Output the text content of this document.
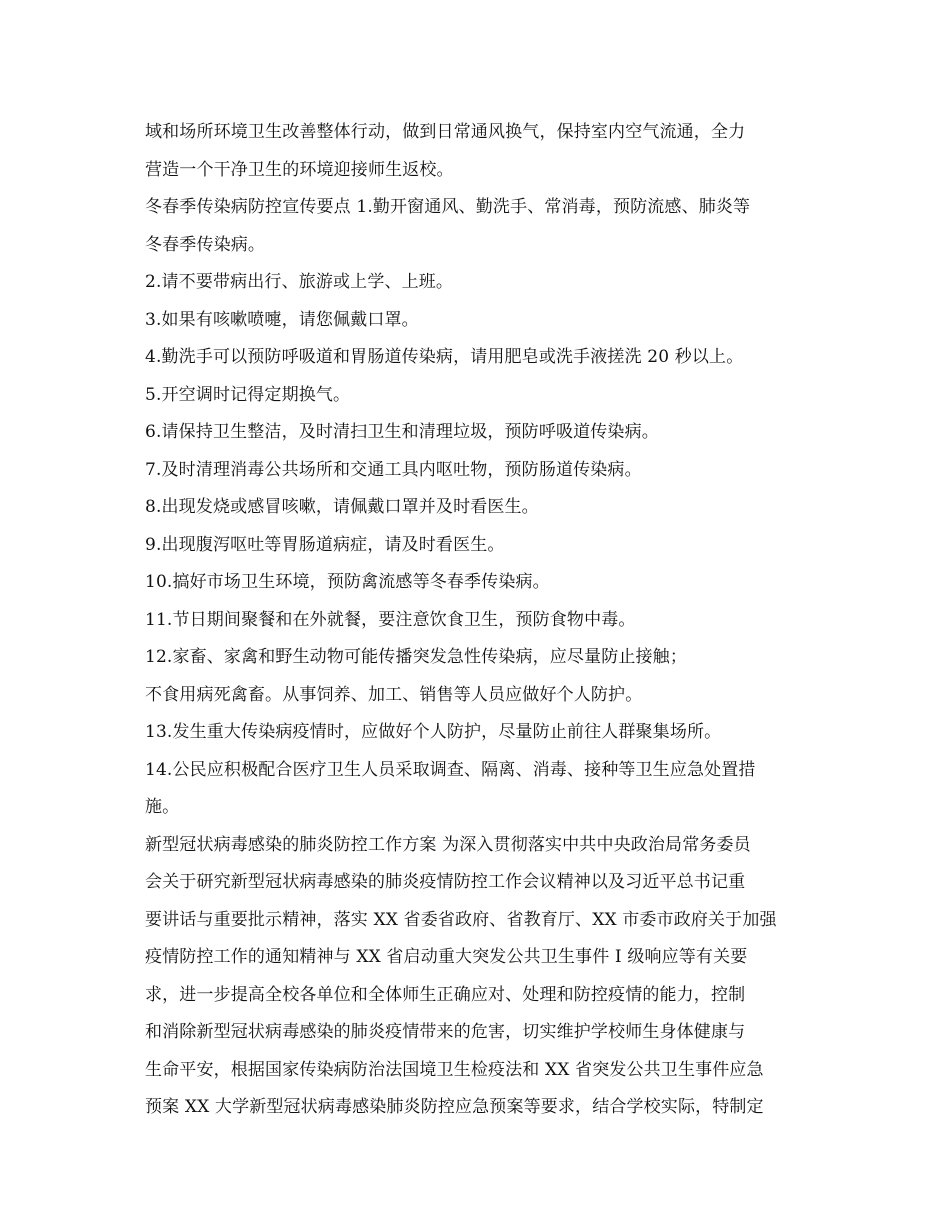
域和场所环境卫生改善整体行动，做到日常通风换气，保持室内空气流通，全力
营造一个干净卫生的环境迎接师生返校。
冬春季传染病防控宣传要点 1.勤开窗通风、勤洗手、常消毒，预防流感、肺炎等
冬春季传染病。
2.请不要带病出行、旅游或上学、上班。
3.如果有咳嗽喷嚏，请您佩戴口罩。
4.勤洗手可以预防呼吸道和胃肠道传染病，请用肥皂或洗手液搓洗 20 秒以上。
5.开空调时记得定期换气。
6.请保持卫生整洁，及时清扫卫生和清理垃圾，预防呼吸道传染病。
7.及时清理消毒公共场所和交通工具内呕吐物，预防肠道传染病。
8.出现发烧或感冒咳嗽，请佩戴口罩并及时看医生。
9.出现腹泻呕吐等胃肠道病症，请及时看医生。
10.搞好市场卫生环境，预防禽流感等冬春季传染病。
11.节日期间聚餐和在外就餐，要注意饮食卫生，预防食物中毒。
12.家畜、家禽和野生动物可能传播突发急性传染病，应尽量防止接触；
不食用病死禽畜。从事饲养、加工、销售等人员应做好个人防护。
13.发生重大传染病疫情时，应做好个人防护，尽量防止前往人群聚集场所。
14.公民应积极配合医疗卫生人员采取调查、隔离、消毒、接种等卫生应急处置措
施。
新型冠状病毒感染的肺炎防控工作方案 为深入贯彻落实中共中央政治局常务委员
会关于研究新型冠状病毒感染的肺炎疫情防控工作会议精神以及习近平总书记重
要讲话与重要批示精神，落实 XX 省委省政府、省教育厅、XX 市委市政府关于加强
疫情防控工作的通知精神与 XX 省启动重大突发公共卫生事件 I 级响应等有关要
求，进一步提高全校各单位和全体师生正确应对、处理和防控疫情的能力，控制
和消除新型冠状病毒感染的肺炎疫情带来的危害，切实维护学校师生身体健康与
生命平安，根据国家传染病防治法国境卫生检疫法和 XX 省突发公共卫生事件应急
预案 XX 大学新型冠状病毒感染肺炎防控应急预案等要求，结合学校实际，特制定
